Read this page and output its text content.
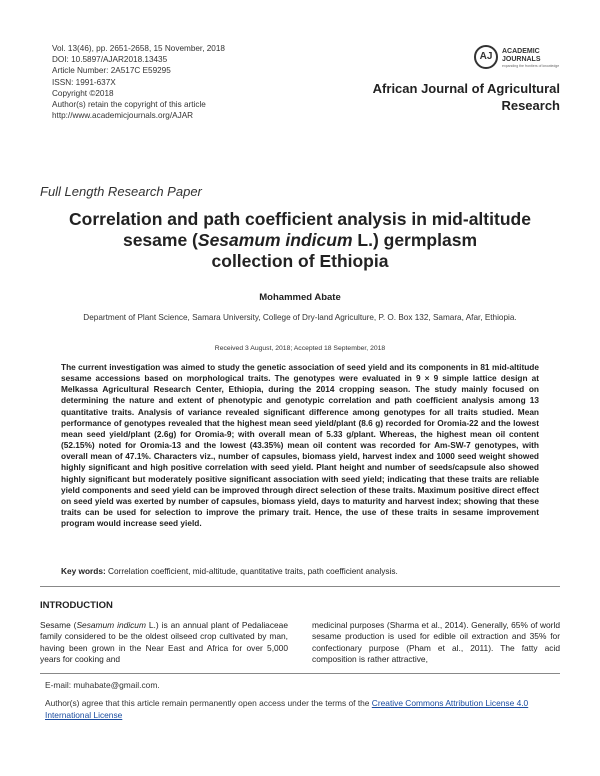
Vol. 13(46), pp. 2651-2658, 15 November, 2018
DOI: 10.5897/AJAR2018.13435
Article Number: 2A517C E59295
ISSN: 1991-637X
Copyright ©2018
Author(s) retain the copyright of this article
http://www.academicjournals.org/AJAR
AJ	ACADEMIC
JOURNALS
expanding the frontiers of knowledge
African Journal of Agricultural
Research
Full Length Research Paper
Correlation and path coefficient analysis in mid-altitude
sesame (Sesamum indicum L.) germplasm
collection of Ethiopia
Mohammed Abate
Department of Plant Science, Samara University, College of Dry-land Agriculture, P. O. Box 132, Samara, Afar, Ethiopia.
Received 3 August, 2018; Accepted 18 September, 2018
The current investigation was aimed to study the genetic association of seed yield and its components in 81 mid-altitude sesame accessions based on morphological traits. The genotypes were evaluated in 9 × 9 simple lattice design at Melkassa Agricultural Research Center, Ethiopia, during the 2014 cropping season. The study mainly focused on determining the nature and extent of phenotypic and genotypic correlation and path coefficient analysis among 13 quantitative traits. Analysis of variance revealed significant difference among genotypes for all traits studied. Mean performance of genotypes revealed that the highest mean seed yield/plant (8.6 g) recorded for Oromia-22 and the lowest mean seed yield/plant (2.6g) for Oromia-9; with overall mean of 5.33 g/plant. Whereas, the highest mean oil content (52.15%) noted for Oromia-13 and the lowest (43.35%) mean oil content was recorded for Am-SW-7 genotypes, with overall mean of 47.1%. Characters viz., number of capsules, biomass yield, harvest index and 1000 seed weight showed highly significant and high positive correlation with seed yield. Plant height and number of seeds/capsule also showed highly significant but moderately positive significant association with seed yield; indicating that these traits are reliable yield components and seed yield can be improved through direct selection of these traits. Maximum positive direct effect on seed yield was exerted by number of capsules, biomass yield, days to maturity and harvest index; showing that these traits can be used for selection to improve the primary trait. Hence, the use of these traits in sesame improvement program would increase seed yield.
Key words: Correlation coefficient, mid-altitude, quantitative traits, path coefficient analysis.
INTRODUCTION
Sesame (Sesamum indicum L.) is an annual plant of Pedaliaceae family considered to be the oldest oilseed crop cultivated by man, having been grown in the Near East and Africa for over 5,000 years for cooking and
medicinal purposes (Sharma et al., 2014). Generally, 65% of world sesame production is used for edible oil extraction and 35% for confectionary purpose (Pham et al., 2011). The fatty acid composition is rather attractive,
E-mail: muhabate@gmail.com.
Author(s) agree that this article remain permanently open access under the terms of the Creative Commons Attribution License 4.0 International License
